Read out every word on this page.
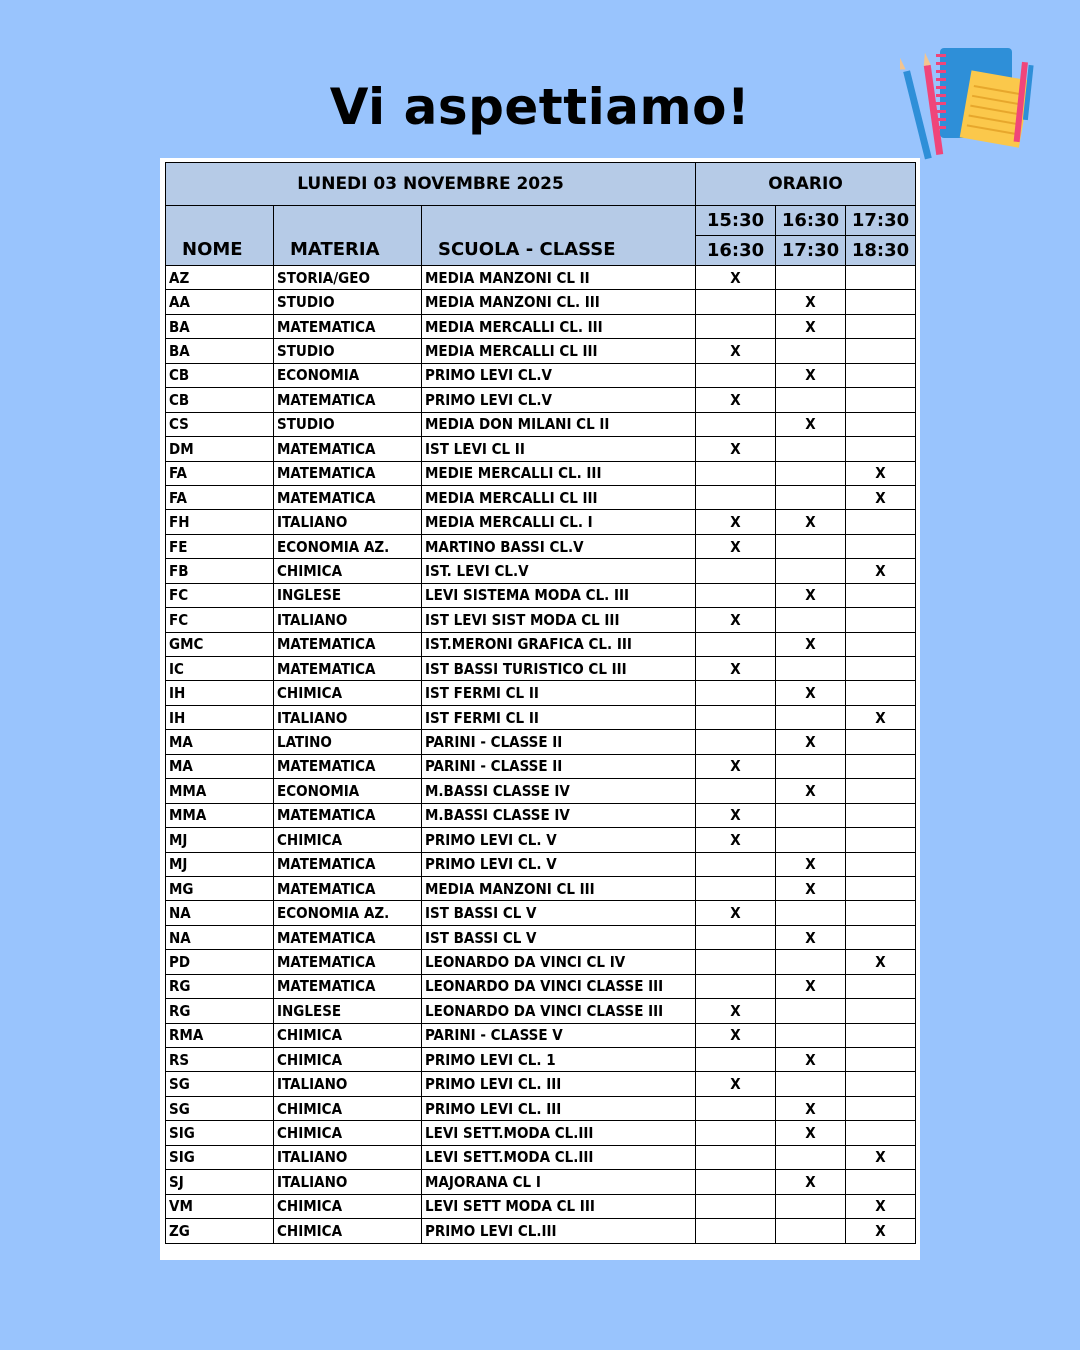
Vi aspettiamo!
LUNEDI 03 NOVEMBRE 2025			ORARIO		
NOME	MATERIA	SCUOLA - CLASSE	15:30	16:30	17:30
			16:30	17:30	18:30
AZ	STORIA/GEO	MEDIA MANZONI CL II	X		
AA	STUDIO	MEDIA MANZONI CL. III		X	
BA	MATEMATICA	MEDIA MERCALLI CL. III		X	
BA	STUDIO	MEDIA MERCALLI CL III	X		
CB	ECONOMIA	PRIMO LEVI CL.V		X	
CB	MATEMATICA	PRIMO LEVI CL.V	X		
CS	STUDIO	MEDIA DON MILANI CL II		X	
DM	MATEMATICA	IST LEVI CL II	X		
FA	MATEMATICA	MEDIE MERCALLI CL. III			X
FA	MATEMATICA	MEDIA MERCALLI CL III			X
FH	ITALIANO	MEDIA MERCALLI CL. I	X	X	
FE	ECONOMIA AZ.	MARTINO BASSI CL.V	X		
FB	CHIMICA	IST. LEVI CL.V			X
FC	INGLESE	LEVI SISTEMA MODA CL. III		X	
FC	ITALIANO	IST LEVI SIST MODA CL III	X		
GMC	MATEMATICA	IST.MERONI GRAFICA CL. III		X	
IC	MATEMATICA	IST BASSI TURISTICO CL III	X		
IH	CHIMICA	IST FERMI CL II		X	
IH	ITALIANO	IST FERMI CL II			X
MA	LATINO	PARINI - CLASSE II		X	
MA	MATEMATICA	PARINI - CLASSE II	X		
MMA	ECONOMIA	M.BASSI CLASSE IV		X	
MMA	MATEMATICA	M.BASSI CLASSE IV	X		
MJ	CHIMICA	PRIMO LEVI CL. V	X		
MJ	MATEMATICA	PRIMO LEVI CL. V		X	
MG	MATEMATICA	MEDIA MANZONI CL III		X	
NA	ECONOMIA AZ.	IST BASSI CL V	X		
NA	MATEMATICA	IST BASSI CL V		X	
PD	MATEMATICA	LEONARDO DA VINCI CL IV			X
RG	MATEMATICA	LEONARDO DA VINCI CLASSE III		X	
RG	INGLESE	LEONARDO DA VINCI CLASSE III	X		
RMA	CHIMICA	PARINI - CLASSE V	X		
RS	CHIMICA	PRIMO LEVI CL. 1		X	
SG	ITALIANO	PRIMO LEVI CL. III	X		
SG	CHIMICA	PRIMO LEVI CL. III		X	
SIG	CHIMICA	LEVI SETT.MODA CL.III		X	
SIG	ITALIANO	LEVI SETT.MODA CL.III			X
SJ	ITALIANO	MAJORANA CL I		X	
VM	CHIMICA	LEVI SETT MODA CL III			X
ZG	CHIMICA	PRIMO LEVI CL.III			X
